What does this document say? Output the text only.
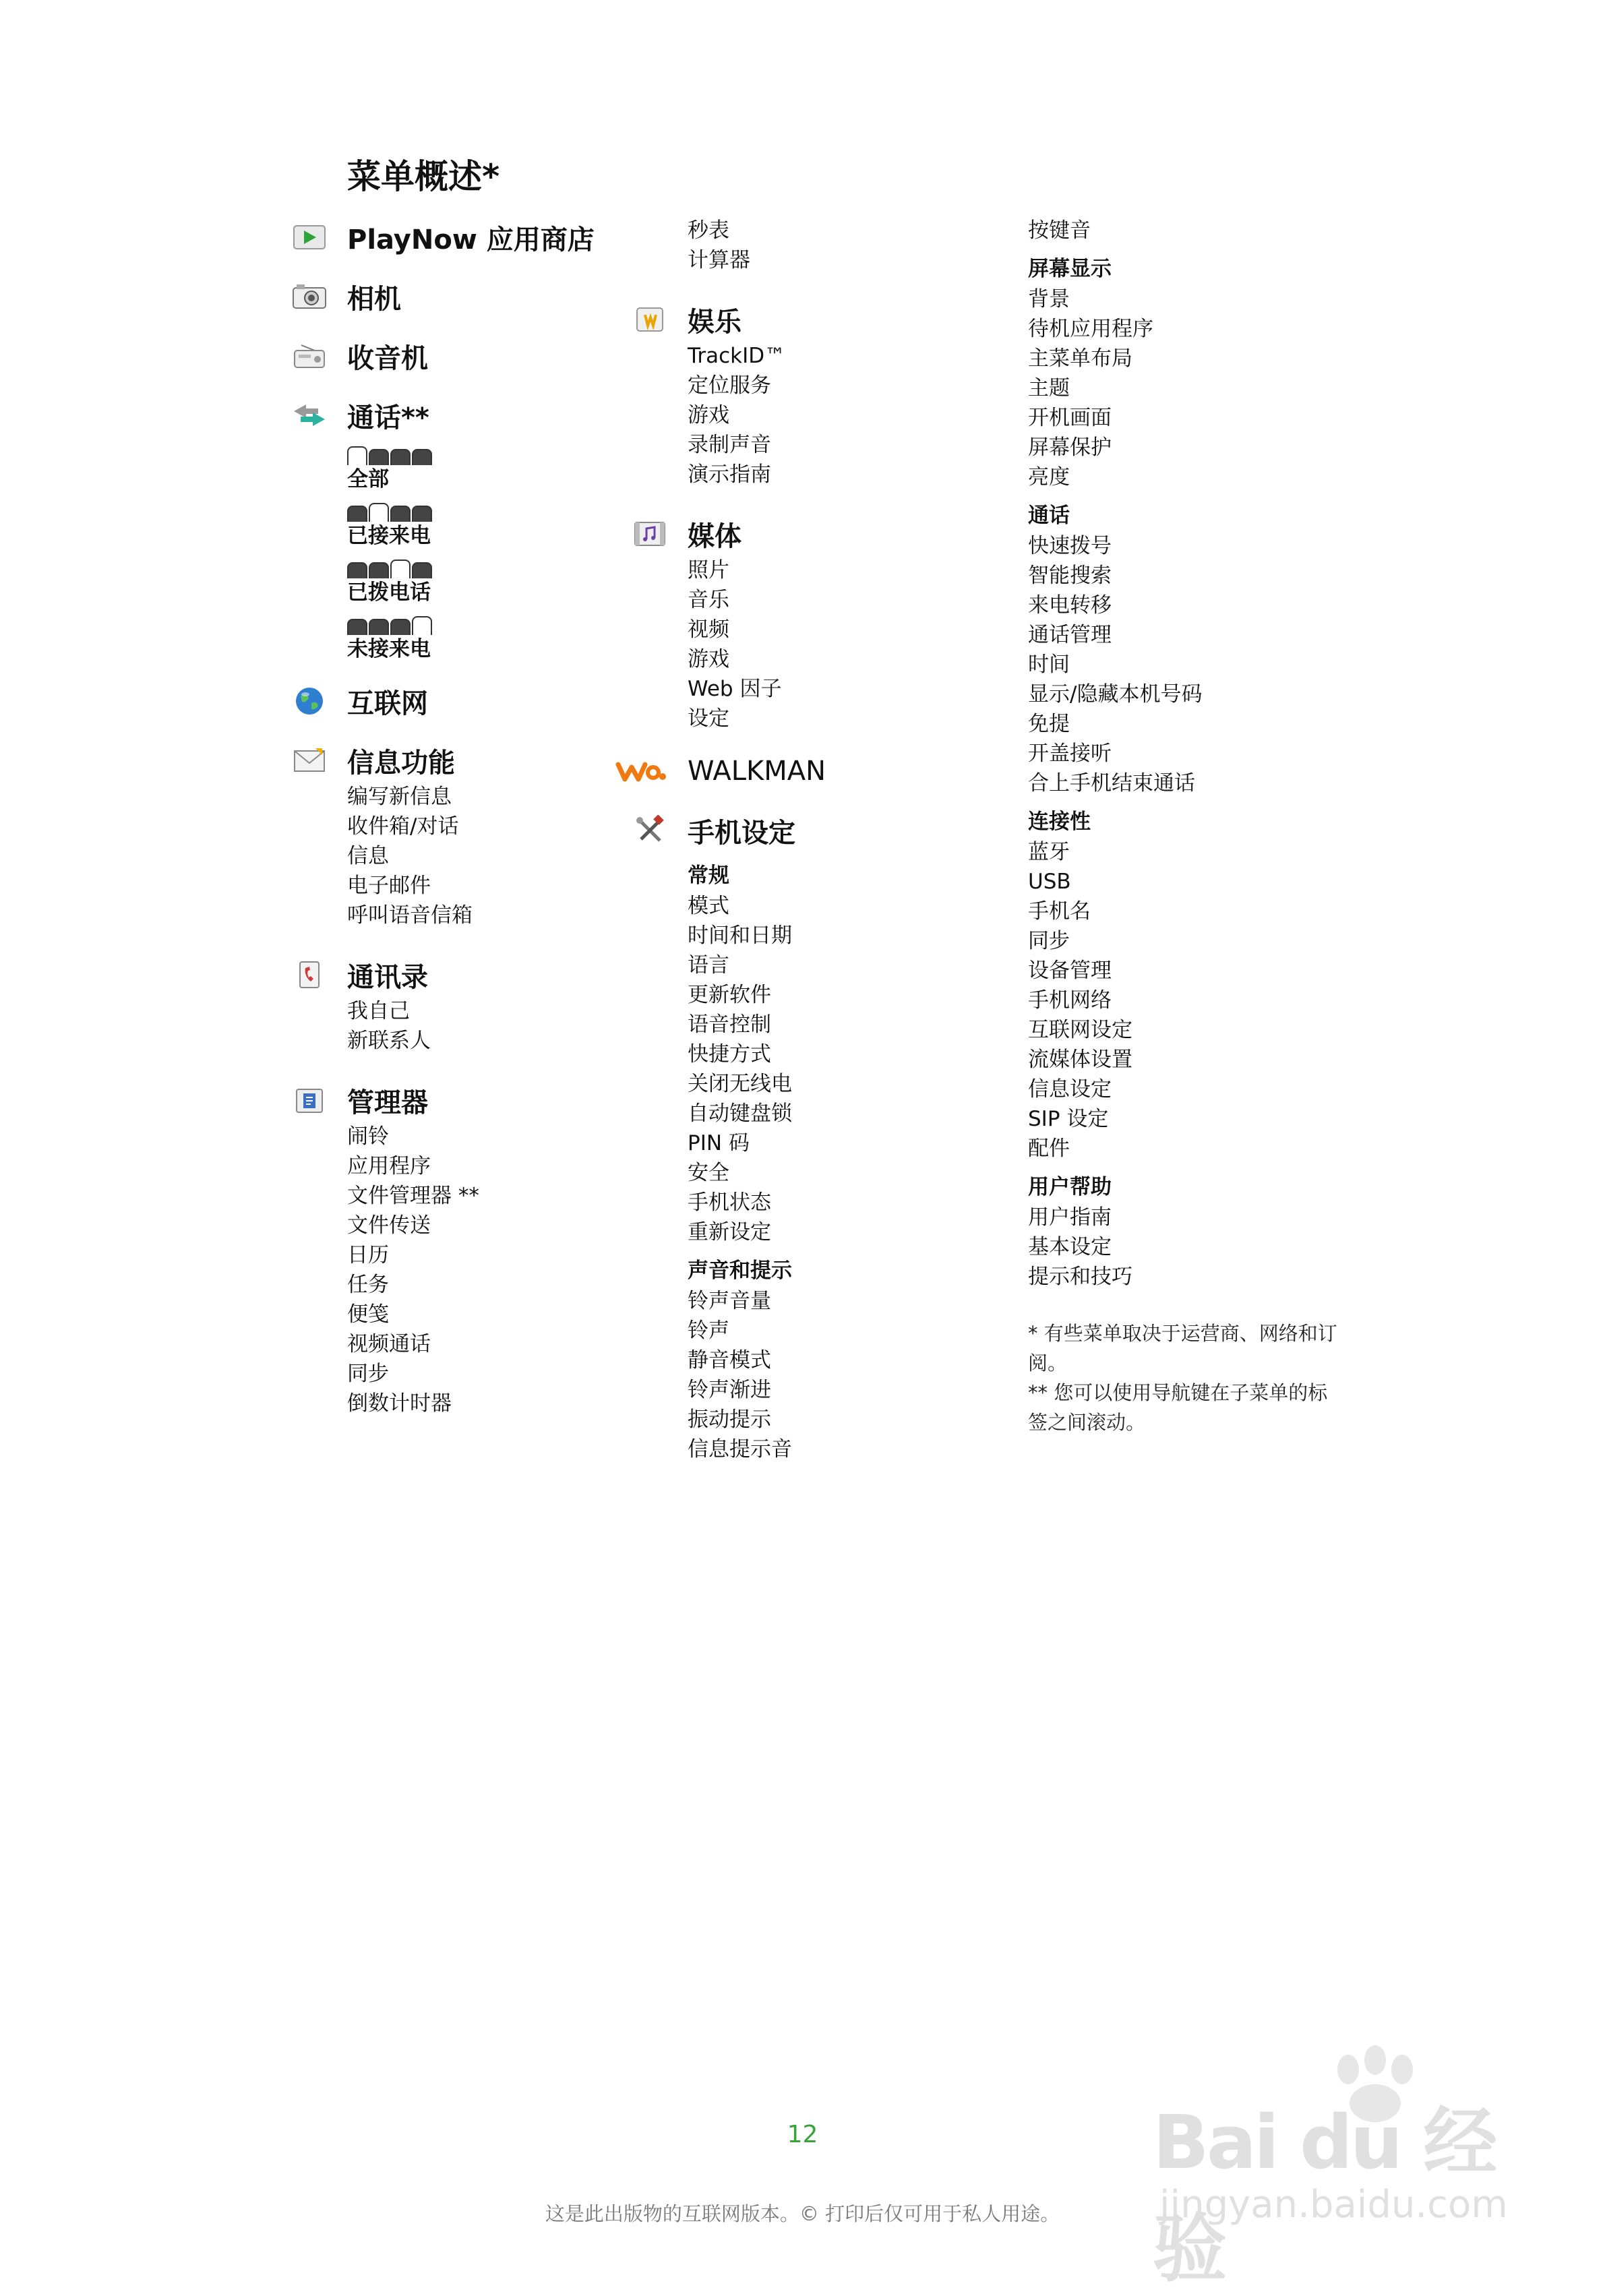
菜单概述*
PlayNow 应用商店
相机
收音机
通话**
全部
已接来电
已拨电话
未接来电
互联网
信息功能
编写新信息
收件箱/对话
信息
电子邮件
呼叫语音信箱
通讯录
我自己
新联系人
管理器
闹铃
应用程序
文件管理器 **
文件传送
日历
任务
便笺
视频通话
同步
倒数计时器
秒表
计算器
娱乐
TrackID™
定位服务
游戏
录制声音
演示指南
媒体
照片
音乐
视频
游戏
Web 因子
设定
WALKMAN
手机设定
常规
模式
时间和日期
语言
更新软件
语音控制
快捷方式
关闭无线电
自动键盘锁
PIN 码
安全
手机状态
重新设定
声音和提示
铃声音量
铃声
静音模式
铃声渐进
振动提示
信息提示音
按键音
屏幕显示
背景
待机应用程序
主菜单布局
主题
开机画面
屏幕保护
亮度
通话
快速拨号
智能搜索
来电转移
通话管理
时间
显示/隐藏本机号码
免提
开盖接听
合上手机结束通话
连接性
蓝牙
USB
手机名
同步
设备管理
手机网络
互联网设定
流媒体设置
信息设定
SIP 设定
配件
用户帮助
用户指南
基本设定
提示和技巧
* 有些菜单取决于运营商、网络和订阅。
** 您可以使用导航键在子菜单的标签之间滚动。
12
这是此出版物的互联网版本。© 打印后仅可用于私人用途。
Bai du 经验
jingyan.baidu.com
